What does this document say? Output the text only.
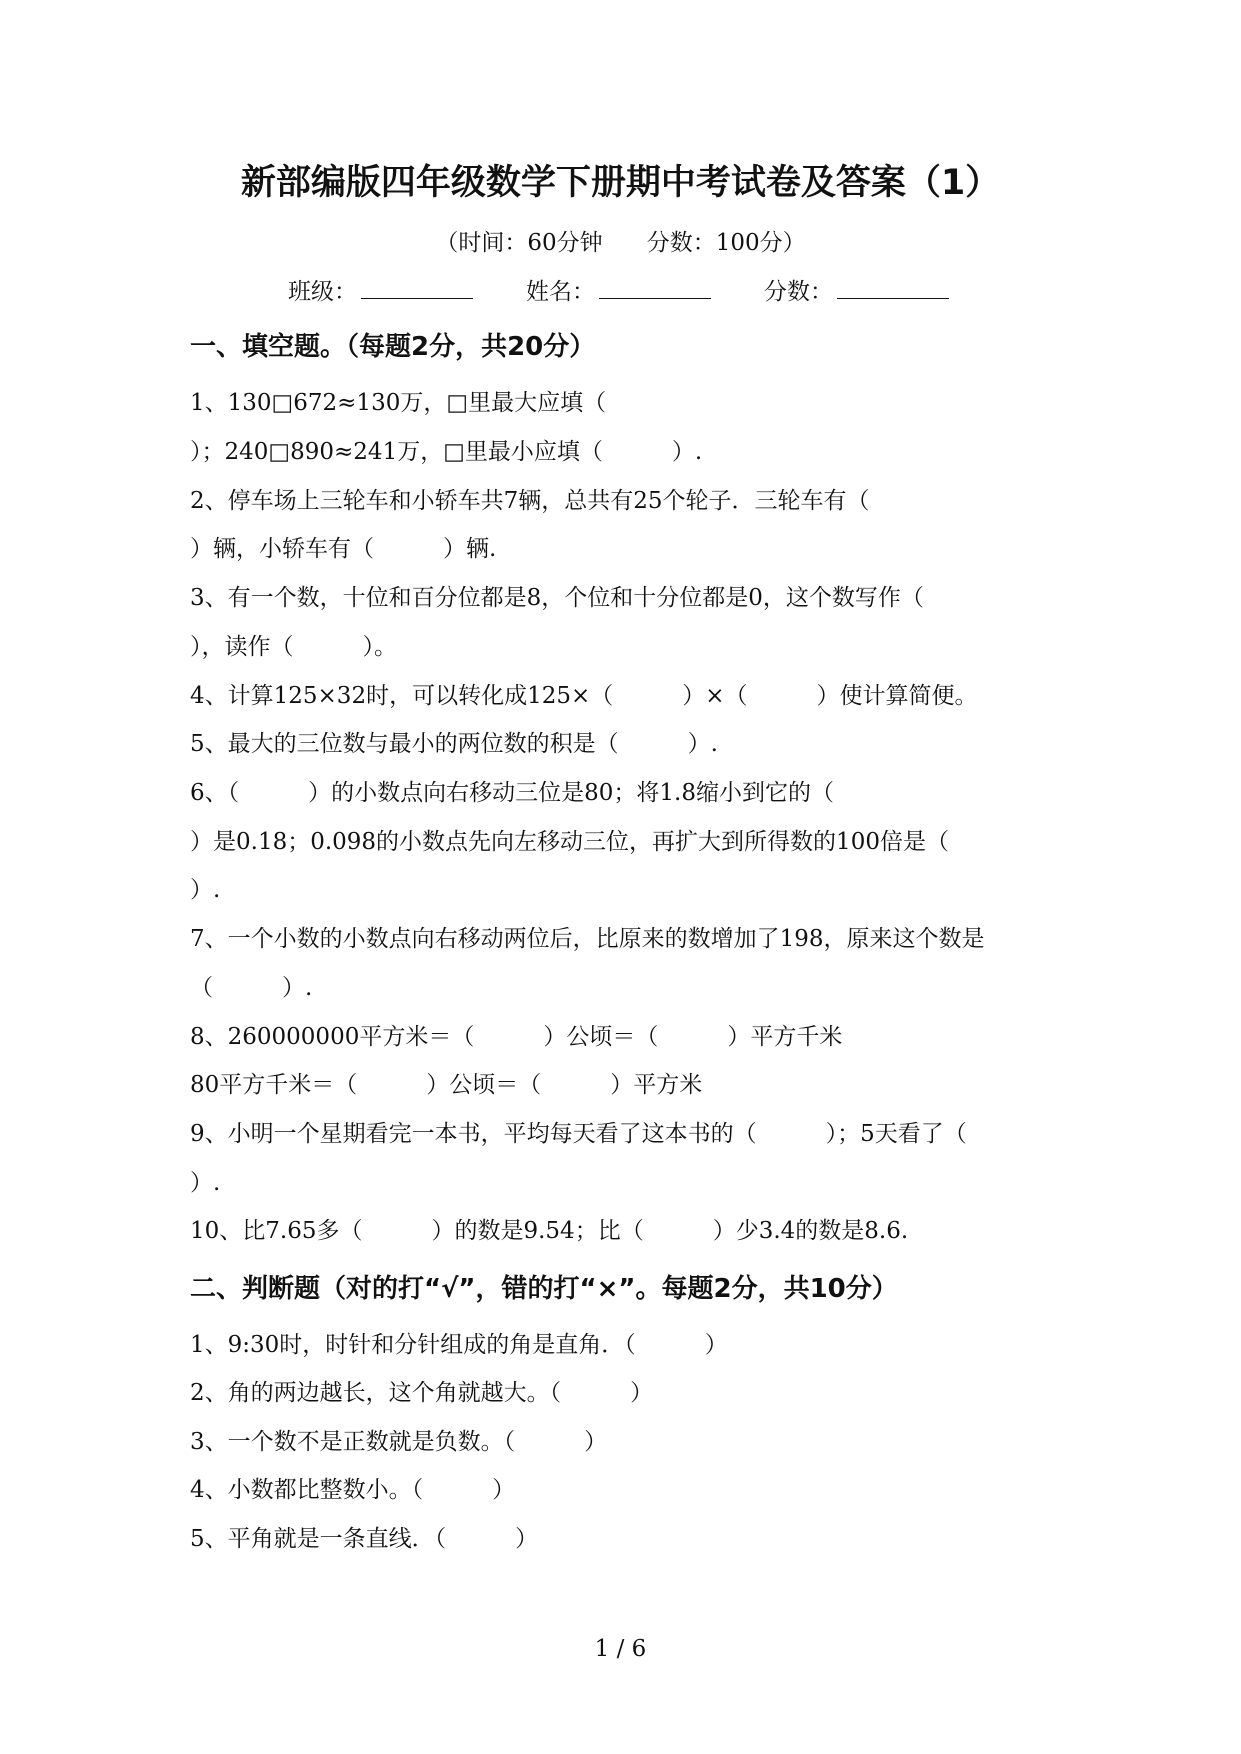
新部编版四年级数学下册期中考试卷及答案（1）
（时间：60分钟 分数：100分）
班级：	姓名：	分数：
一、填空题。（每题2分，共20分）
1、130□672≈130万，□里最大应填（
）；240□890≈241万，□里最小应填（　　　）.
2、停车场上三轮车和小轿车共7辆，总共有25个轮子．三轮车有（
）辆，小轿车有（　　　）辆.
3、有一个数，十位和百分位都是8，个位和十分位都是0，这个数写作（
），读作（　　　）。
4、计算125×32时，可以转化成125×（　　　）×（　　　）使计算简便。
5、最大的三位数与最小的两位数的积是（　　　）.
6、（　　　）的小数点向右移动三位是80；将1.8缩小到它的（
）是0.18；0.098的小数点先向左移动三位，再扩大到所得数的100倍是（
）.
7、一个小数的小数点向右移动两位后，比原来的数增加了198，原来这个数是
（　　　）.
8、260000000平方米＝（　　　）公顷＝（　　　）平方千米
80平方千米＝（　　　）公顷＝（　　　）平方米
9、小明一个星期看完一本书，平均每天看了这本书的（　　　）；5天看了（
）.
10、比7.65多（　　　）的数是9.54；比（　　　）少3.4的数是8.6.
二、判断题（对的打“√”，错的打“×”。每题2分，共10分）
1、9:30时，时针和分针组成的角是直角．（　　　）
2、角的两边越长，这个角就越大。（　　　）
3、一个数不是正数就是负数。（　　　）
4、小数都比整数小。（　　　）
5、平角就是一条直线．（　　　）
1 / 6
